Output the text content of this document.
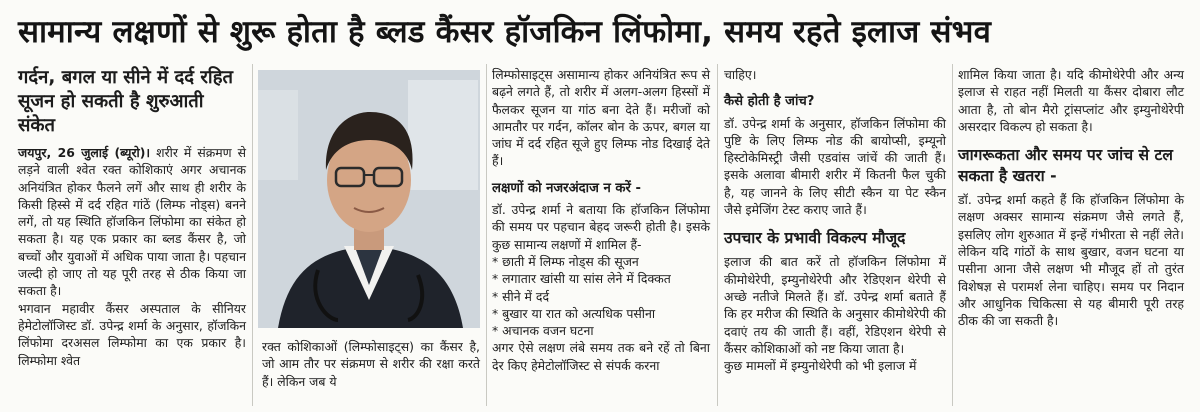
सामान्य लक्षणों से शुरू होता है ब्लड कैंसर हॉजकिन लिंफोमा, समय रहते इलाज संभव
गर्दन, बगल या सीने में दर्द रहित सूजन हो सकती है शुरुआती संकेत

जयपुर, 26 जुलाई (ब्यूरो)। शरीर में संक्रमण से लड़ने वाली श्वेत रक्त कोशिकाएं अगर अचानक अनियंत्रित होकर फैलने लगें और साथ ही शरीर के किसी हिस्से में दर्द रहित गांठें (लिम्फ नोड्स) बनने लगें, तो यह स्थिति हॉजकिन लिंफोमा का संकेत हो सकता है। यह एक प्रकार का ब्लड कैंसर है, जो बच्चों और युवाओं में अधिक पाया जाता है। पहचान जल्दी हो जाए तो यह पूरी तरह से ठीक किया जा सकता है।

भगवान महावीर कैंसर अस्पताल के सीनियर हेमेटोलॉजिस्ट डॉ. उपेन्द्र शर्मा के अनुसार, हॉजकिन लिंफोमा दरअसल लिम्फोमा का एक प्रकार है। लिम्फोमा श्वेत

रक्त कोशिकाओं (लिम्फोसाइट्स) का कैंसर है, जो आम तौर पर संक्रमण से शरीर की रक्षा करते हैं। लेकिन जब ये

लिम्फोसाइट्स असामान्य होकर अनियंत्रित रूप से बढ़ने लगते हैं, तो शरीर में अलग-अलग हिस्सों में फैलकर सूजन या गांठ बना देते हैं। मरीजों को आमतौर पर गर्दन, कॉलर बोन के ऊपर, बगल या जांघ में दर्द रहित सूजे हुए लिम्फ नोड दिखाई देते हैं।

लक्षणों को नजरअंदाज न करें -

डॉ. उपेन्द्र शर्मा ने बताया कि हॉजकिन लिंफोमा की समय पर पहचान बेहद जरूरी होती है। इसके कुछ सामान्य लक्षणों में शामिल हैं-

* छाती में लिम्फ नोड्स की सूजन
* लगातार खांसी या सांस लेने में दिक्कत
* सीने में दर्द
* बुखार या रात को अत्यधिक पसीना
* अचानक वजन घटना

अगर ऐसे लक्षण लंबे समय तक बने रहें तो बिना देर किए हेमेटोलॉजिस्ट से संपर्क करना

चाहिए।

कैसे होती है जांच?

डॉ. उपेन्द्र शर्मा के अनुसार, हॉजकिन लिंफोमा की पुष्टि के लिए लिम्फ नोड की बायोप्सी, इम्यूनो हिस्टोकेमिस्ट्री जैसी एडवांस जांचें की जाती हैं। इसके अलावा बीमारी शरीर में कितनी फैल चुकी है, यह जानने के लिए सीटी स्कैन या पेट स्कैन जैसे इमेजिंग टेस्ट कराए जाते हैं।

उपचार के प्रभावी विकल्प मौजूद

इलाज की बात करें तो हॉजकिन लिंफोमा में कीमोथेरेपी, इम्युनोथेरेपी और रेडिएशन थेरेपी से अच्छे नतीजे मिलते हैं। डॉ. उपेन्द्र शर्मा बताते हैं कि हर मरीज की स्थिति के अनुसार कीमोथेरेपी की दवाएं तय की जाती हैं। वहीं, रेडिएशन थेरेपी से कैंसर कोशिकाओं को नष्ट किया जाता है।

कुछ मामलों में इम्युनोथेरेपी को भी इलाज में

शामिल किया जाता है। यदि कीमोथेरेपी और अन्य इलाज से राहत नहीं मिलती या कैंसर दोबारा लौट आता है, तो बोन मैरो ट्रांसप्लांट और इम्युनोथेरेपी असरदार विकल्प हो सकता है।

जागरूकता और समय पर जांच से टल सकता है खतरा -

डॉ. उपेन्द्र शर्मा कहते हैं कि हॉजकिन लिंफोमा के लक्षण अक्सर सामान्य संक्रमण जैसे लगते हैं, इसलिए लोग शुरुआत में इन्हें गंभीरता से नहीं लेते। लेकिन यदि गांठों के साथ बुखार, वजन घटना या पसीना आना जैसे लक्षण भी मौजूद हों तो तुरंत विशेषज्ञ से परामर्श लेना चाहिए। समय पर निदान और आधुनिक चिकित्सा से यह बीमारी पूरी तरह ठीक की जा सकती है।
